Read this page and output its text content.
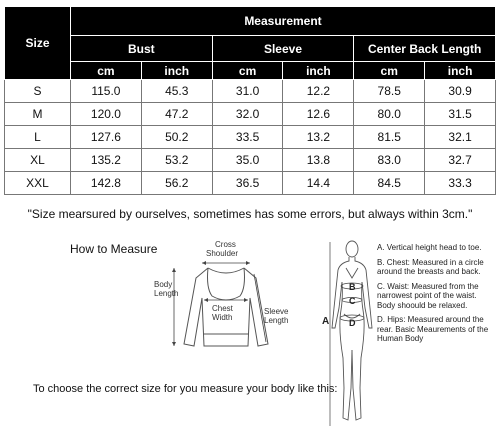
Size	Measurement					
	Bust		Sleeve		Center Back Length	
	cm	inch	cm	inch	cm	inch
S	115.0	45.3	31.0	12.2	78.5	30.9
M	120.0	47.2	32.0	12.6	80.0	31.5
L	127.6	50.2	33.5	13.2	81.5	32.1
XL	135.2	53.2	35.0	13.8	83.0	32.7
XXL	142.8	56.2	36.5	14.4	84.5	33.3
"Size mearsured by ourselves, sometimes has some errors, but always within 3cm."
How to Measure	Cross
Shoulder
Body
Length
Chest
Width
Sleeve
Length
To choose the correct size for you measure your body like this:
A
B
C
D
A. Vertical height head to toe.
B. Chest: Measured in a circle around the breasts and back.
C. Waist: Measured from the narrowest point of the waist. Body shoould be relaxed.
D. Hips: Measured around the rear. Basic Meaurements of the Human Body
